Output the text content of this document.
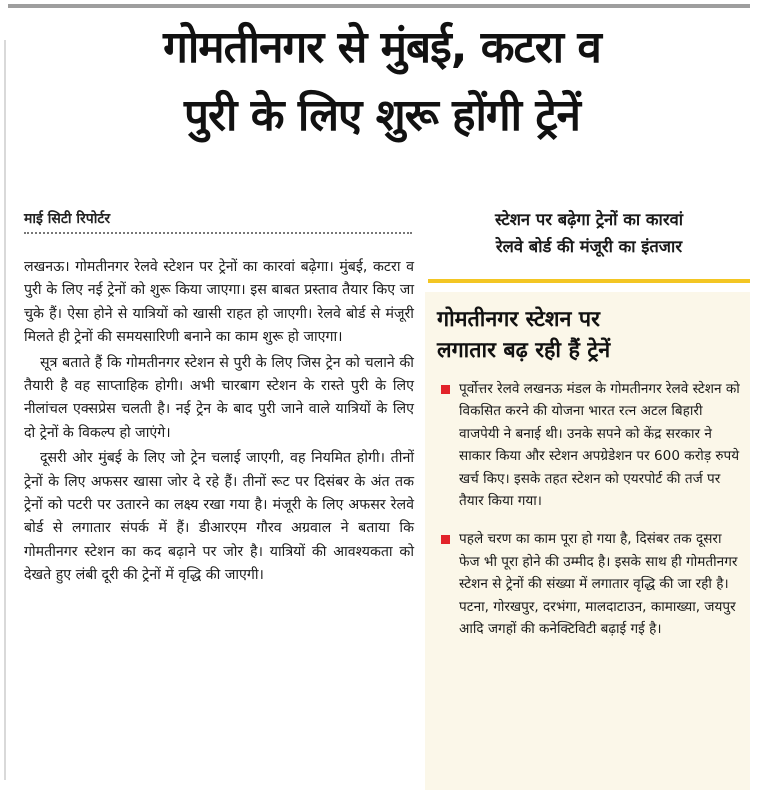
गोमतीनगर से मुंबई, कटरा व
पुरी के लिए शुरू होंगी ट्रेनें
माई सिटी रिपोर्टर

लखनऊ। गोमतीनगर रेलवे स्टेशन पर ट्रेनों का कारवां बढ़ेगा। मुंबई, कटरा व पुरी के लिए नई ट्रेनों को शुरू किया जाएगा। इस बाबत प्रस्ताव तैयार किए जा चुके हैं। ऐसा होने से यात्रियों को खासी राहत हो जाएगी। रेलवे बोर्ड से मंजूरी मिलते ही ट्रेनों की समयसारिणी बनाने का काम शुरू हो जाएगा।

सूत्र बताते हैं कि गोमतीनगर स्टेशन से पुरी के लिए जिस ट्रेन को चलाने की तैयारी है वह साप्ताहिक होगी। अभी चारबाग स्टेशन के रास्ते पुरी के लिए नीलांचल एक्सप्रेस चलती है। नई ट्रेन के बाद पुरी जाने वाले यात्रियों के लिए दो ट्रेनों के विकल्प हो जाएंगे।

दूसरी ओर मुंबई के लिए जो ट्रेन चलाई जाएगी, वह नियमित होगी। तीनों ट्रेनों के लिए अफसर खासा जोर दे रहे हैं। तीनों रूट पर दिसंबर के अंत तक ट्रेनों को पटरी पर उतारने का लक्ष्य रखा गया है। मंजूरी के लिए अफसर रेलवे बोर्ड से लगातार संपर्क में हैं। डीआरएम गौरव अग्रवाल ने बताया कि गोमतीनगर स्टेशन का कद बढ़ाने पर जोर है। यात्रियों की आवश्यकता को देखते हुए लंबी दूरी की ट्रेनों में वृद्धि की जाएगी।

स्टेशन पर बढ़ेगा ट्रेनों का कारवां
रेलवे बोर्ड की मंजूरी का इंतजार
गोमतीनगर स्टेशन पर
लगातार बढ़ रही हैं ट्रेनें
पूर्वोत्तर रेलवे लखनऊ मंडल के गोमतीनगर रेलवे स्टेशन को विकसित करने की योजना भारत रत्न अटल बिहारी वाजपेयी ने बनाई थी। उनके सपने को केंद्र सरकार ने साकार किया और स्टेशन अपग्रेडेशन पर 600 करोड़ रुपये खर्च किए। इसके तहत स्टेशन को एयरपोर्ट की तर्ज पर तैयार किया गया।
पहले चरण का काम पूरा हो गया है, दिसंबर तक दूसरा फेज भी पूरा होने की उम्मीद है। इसके साथ ही गोमतीनगर स्टेशन से ट्रेनों की संख्या में लगातार वृद्धि की जा रही है। पटना, गोरखपुर, दरभंगा, मालदाटाउन, कामाख्या, जयपुर आदि जगहों की कनेक्टिविटी बढ़ाई गई है।
